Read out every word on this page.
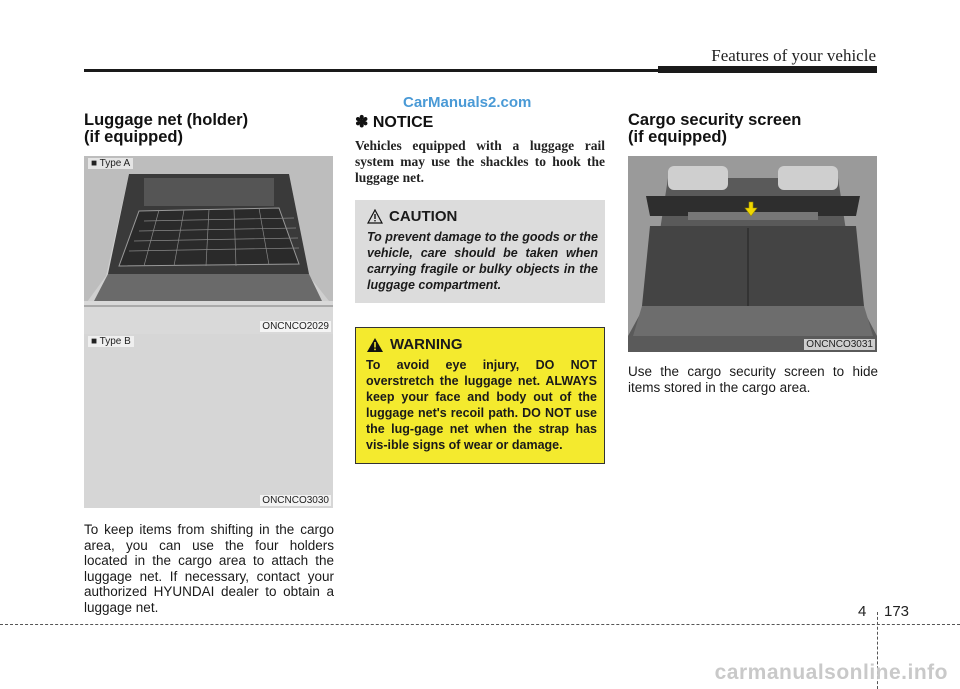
Features of your vehicle
CarManuals2.com
Luggage net (holder)
(if equipped)
■ Type A
ONCNCO2029
■ Type B
ONCNCO3030
To keep items from shifting in the cargo area, you can use the four holders located in the cargo area to attach the luggage net. If necessary, contact your authorized HYUNDAI dealer to obtain a luggage net.
✽ NOTICE
Vehicles equipped with a luggage rail system may use the shackles to hook the luggage net.
CAUTION
To prevent damage to the goods or the vehicle, care should be taken when carrying fragile or bulky objects in the luggage compartment.
WARNING
To avoid eye injury, DO NOT overstretch the luggage net. ALWAYS keep your face and body out of the luggage net's recoil path. DO NOT use the lug-gage net when the strap has vis-ible signs of wear or damage.
Cargo security screen
(if equipped)
ONCNCO3031
Use the cargo security screen to hide items stored in the cargo area.
4 173
carmanualsonline.info
